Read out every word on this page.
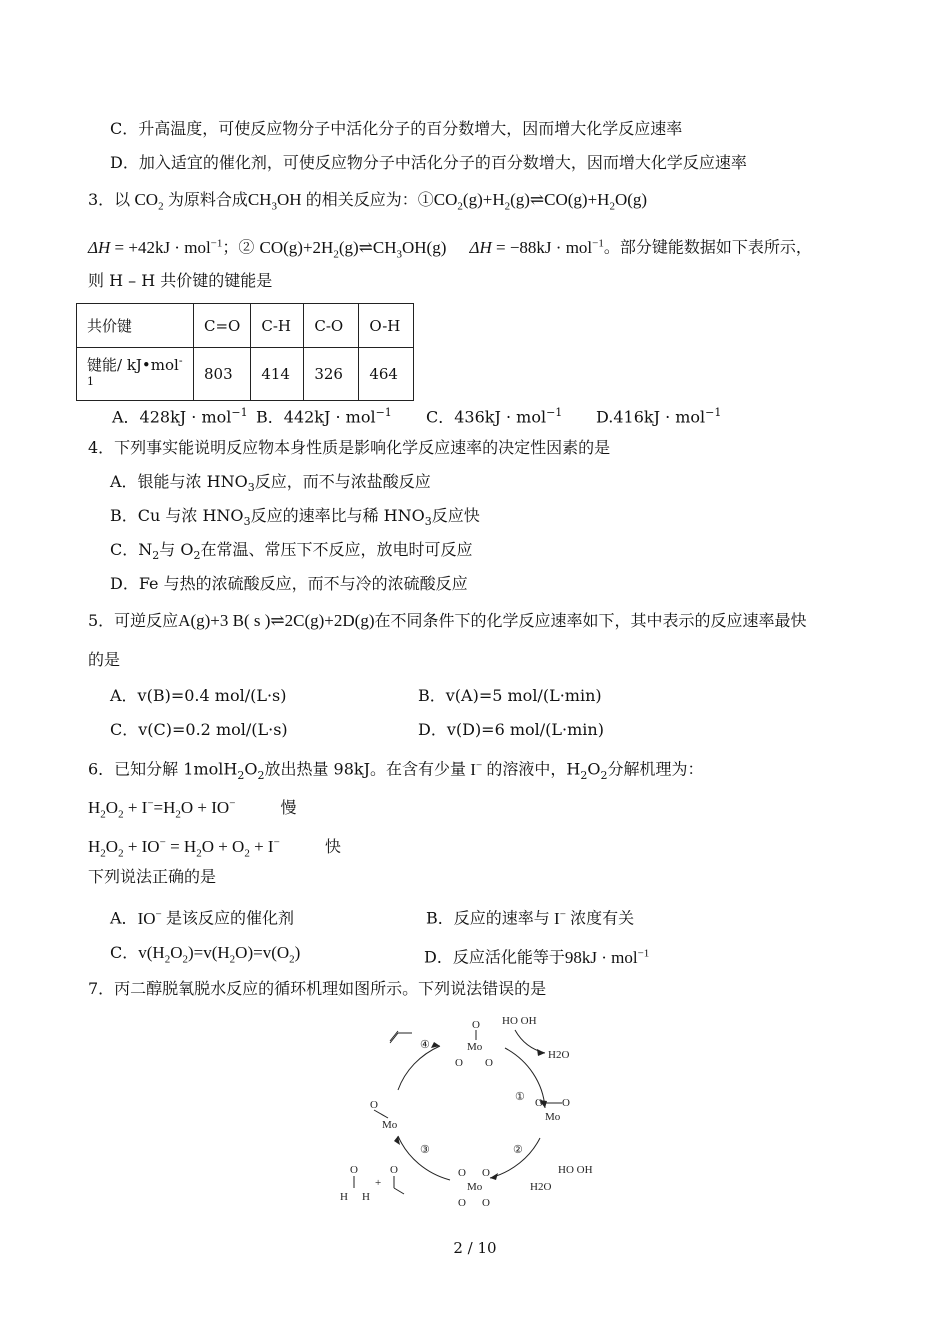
C．升高温度，可使反应物分子中活化分子的百分数增大，因而增大化学反应速率
D．加入适宜的催化剂，可使反应物分子中活化分子的百分数增大，因而增大化学反应速率
3．以 $CO_2$ 为原料合成$CH_3OH$ 的相关反应为：$①CO_2(g)+H_2(g)\rightleftharpoons CO(g)+H_2O(g)$
ΔH = +42kJ · mol$^{-1}$；② $CO(g)+2H_2(g)\rightleftharpoons CH_3OH(g) \Delta H = -88kJ \cdot mol^{-1}$。部分键能数据如下表所示，
则 H – H 共价键的键能是
共价键	C=O	C-H	C-O	O-H
键能/ kJ•mol$^{-1}$	803	414	326	464
A．428kJ · mol$^{-1}$ B．442kJ · mol$^{-1}$ C．436kJ · mol$^{-1}$ D.416kJ · mol$^{-1}$
4．下列事实能说明反应物本身性质是影响化学反应速率的决定性因素的是
A．银能与浓 $HNO_3$反应，而不与浓盐酸反应
B．Cu 与浓 $HNO_3$反应的速率比与稀 $HNO_3$反应快
C．$N_2$与 $O_2$在常温、常压下不反应，放电时可反应
D．Fe 与热的浓硫酸反应，而不与冷的浓硫酸反应
5．可逆反应A(g)+3 B( s )⇌2C(g)+2D(g)在不同条件下的化学反应速率如下，其中表示的反应速率最快
的是
A．v(B)=0.4 mol/(L·s)	B．v(A)=5 mol/(L·min)
C．v(C)=0.2 mol/(L·s)	D．v(D)=6 mol/(L·min)
6．已知分解 $1molH_2O_2$放出热量 98kJ。在含有少量 I− 的溶液中，$H_2O_2$分解机理为：
$H_2O_2 + I^-=H_2O + IO^-$	慢
$H_2O_2 + IO^- = H_2O + O_2 + I^-$	快
下列说法正确的是
A．IO− 是该反应的催化剂	B．反应的速率与 I− 浓度有关
C．$v(H_2O_2)=v(H_2O)=v(O_2)$	D．反应活化能等于98kJ · mol$^{-1}$
7．丙二醇脱氧脱水反应的循环机理如图所示。下列说法错误的是
①
②
③
④	Mo
O
O O
HO OH
H2O
Mo
O O
HO OH
H2O
Mo
O O
O O
Mo
O
O
H H
+
O
2 / 10
